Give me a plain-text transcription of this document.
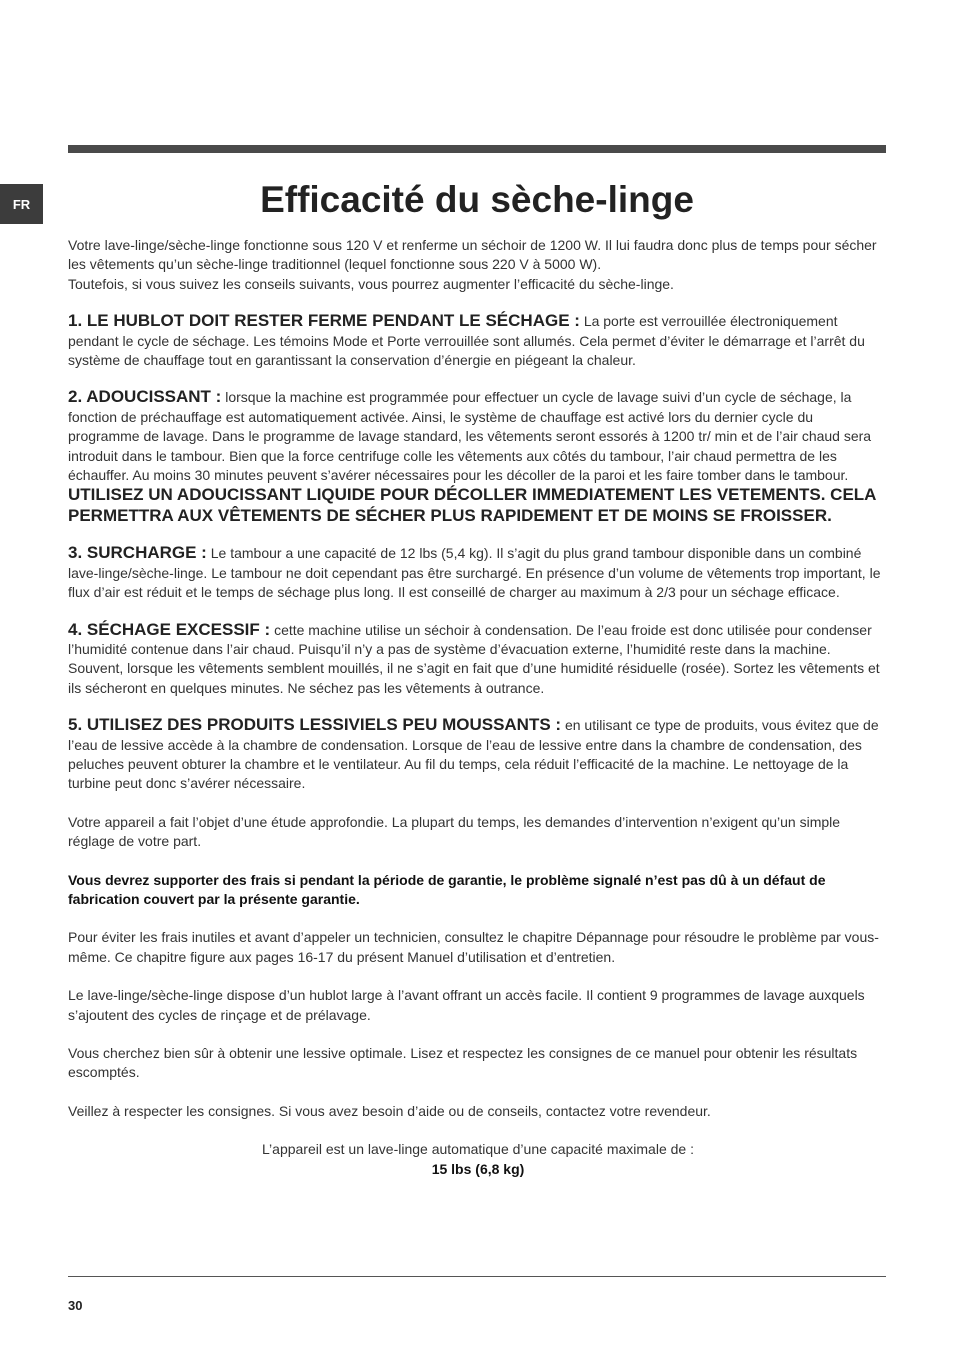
FR	Efficacité du sèche-linge

Votre lave-linge/sèche-linge fonctionne sous 120 V et renferme un séchoir de 1200 W. Il lui faudra donc plus de temps pour sécher les vêtements qu’un sèche-linge traditionnel (lequel fonctionne sous 220 V à 5000 W).

Toutefois, si vous suivez les conseils suivants, vous pourrez augmenter l’efficacité du sèche-linge.

1. LE HUBLOT DOIT RESTER FERME PENDANT LE SÉCHAGE : La porte est verrouillée électroniquement pendant le cycle de séchage. Les témoins Mode et Porte verrouillée sont allumés. Cela permet d’éviter le démarrage et l’arrêt du système de chauffage tout en garantissant la conservation d’énergie en piégeant la chaleur.

2. ADOUCISSANT : lorsque la machine est programmée pour effectuer un cycle de lavage suivi d’un cycle de séchage, la fonction de préchauffage est automatiquement activée. Ainsi, le système de chauffage est activé lors du dernier cycle du programme de lavage. Dans le programme de lavage standard, les vêtements seront essorés à 1200 tr/ min et de l’air chaud sera introduit dans le tambour. Bien que la force centrifuge colle les vêtements aux côtés du tambour, l’air chaud permettra de les échauffer. Au moins 30 minutes peuvent s’avérer nécessaires pour les décoller de la paroi et les faire tomber dans le tambour. UTILISEZ UN ADOUCISSANT LIQUIDE POUR DÉCOLLER IMMEDIATEMENT LES VETEMENTS. CELA PERMETTRA AUX VÊTEMENTS DE SÉCHER PLUS RAPIDEMENT ET DE MOINS SE FROISSER.

3. SURCHARGE : Le tambour a une capacité de 12 lbs (5,4 kg). Il s’agit du plus grand tambour disponible dans un combiné lave-linge/sèche-linge. Le tambour ne doit cependant pas être surchargé. En présence d’un volume de vêtements trop important, le flux d’air est réduit et le temps de séchage plus long. Il est conseillé de charger au maximum à 2/3 pour un séchage efficace.

4. SÉCHAGE EXCESSIF : cette machine utilise un séchoir à condensation. De l’eau froide est donc utilisée pour condenser l’humidité contenue dans l’air chaud. Puisqu’il n’y a pas de système d’évacuation externe, l’humidité reste dans la machine. Souvent, lorsque les vêtements semblent mouillés, il ne s’agit en fait que d’une humidité résiduelle (rosée). Sortez les vêtements et ils sécheront en quelques minutes. Ne séchez pas les vêtements à outrance.

5. UTILISEZ DES PRODUITS LESSIVIELS PEU MOUSSANTS : en utilisant ce type de produits, vous évitez que de l’eau de lessive accède à la chambre de condensation. Lorsque de l’eau de lessive entre dans la chambre de condensation, des peluches peuvent obturer la chambre et le ventilateur. Au fil du temps, cela réduit l’efficacité de la machine. Le nettoyage de la turbine peut donc s’avérer nécessaire.

Votre appareil a fait l’objet d’une étude approfondie. La plupart du temps, les demandes d’intervention n’exigent qu’un simple réglage de votre part.

Vous devrez supporter des frais si pendant la période de garantie, le problème signalé n’est pas dû à un défaut de fabrication couvert par la présente garantie.

Pour éviter les frais inutiles et avant d’appeler un technicien, consultez le chapitre Dépannage pour résoudre le problème par vous-même. Ce chapitre figure aux pages 16-17 du présent Manuel d’utilisation et d’entretien.

Le lave-linge/sèche-linge dispose d’un hublot large à l’avant offrant un accès facile. Il contient 9 programmes de lavage auxquels s’ajoutent des cycles de rinçage et de prélavage.

Vous cherchez bien sûr à obtenir une lessive optimale. Lisez et respectez les consignes de ce manuel pour obtenir les résultats escomptés.

Veillez à respecter les consignes. Si vous avez besoin d’aide ou de conseils, contactez votre revendeur.

L’appareil est un lave-linge automatique d’une capacité maximale de :
15 lbs (6,8 kg)
30
